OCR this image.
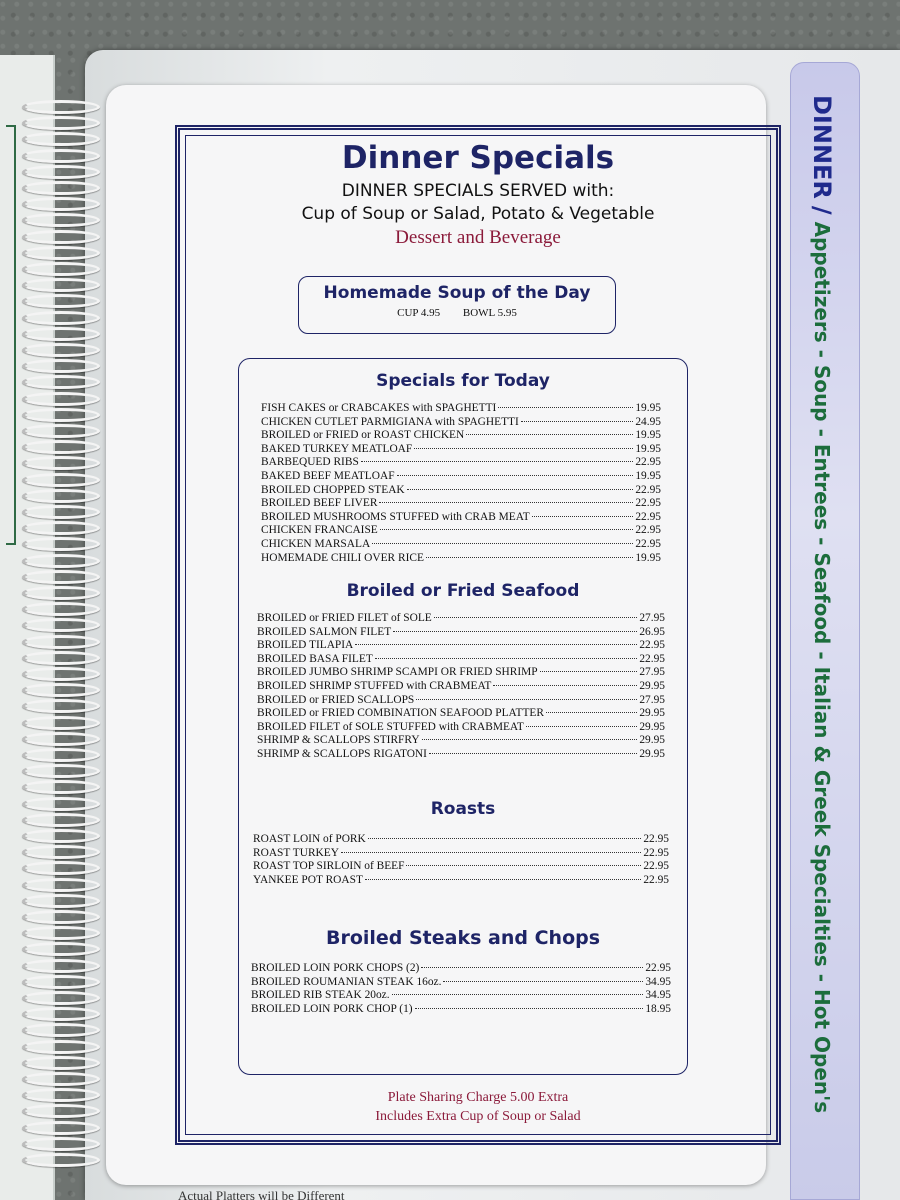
DINNER / Appetizers - Soup - Entrees - Seafood - Italian & Greek Specialties - Hot Open's
Dinner Specials
DINNER SPECIALS SERVED with:
Cup of Soup or Salad, Potato & Vegetable
Dessert and Beverage
Homemade Soup of the Day
CUP 4.95 BOWL 5.95
Specials for Today
FISH CAKES or CRABCAKES with SPAGHETTI	19.95
CHICKEN CUTLET PARMIGIANA with SPAGHETTI	24.95
BROILED or FRIED or ROAST CHICKEN	19.95
BAKED TURKEY MEATLOAF	19.95
BARBEQUED RIBS	22.95
BAKED BEEF MEATLOAF	19.95
BROILED CHOPPED STEAK	22.95
BROILED BEEF LIVER	22.95
BROILED MUSHROOMS STUFFED with CRAB MEAT	22.95
CHICKEN FRANCAISE	22.95
CHICKEN MARSALA	22.95
HOMEMADE CHILI OVER RICE	19.95
Broiled or Fried Seafood
BROILED or FRIED FILET of SOLE	27.95
BROILED SALMON FILET	26.95
BROILED TILAPIA	22.95
BROILED BASA FILET	22.95
BROILED JUMBO SHRIMP SCAMPI OR FRIED SHRIMP	27.95
BROILED SHRIMP STUFFED with CRABMEAT	29.95
BROILED or FRIED SCALLOPS	27.95
BROILED or FRIED COMBINATION SEAFOOD PLATTER	29.95
BROILED FILET of SOLE STUFFED with CRABMEAT	29.95
SHRIMP & SCALLOPS STIRFRY	29.95
SHRIMP & SCALLOPS RIGATONI	29.95
Roasts
ROAST LOIN of PORK	22.95
ROAST TURKEY	22.95
ROAST TOP SIRLOIN of BEEF	22.95
YANKEE POT ROAST	22.95
Broiled Steaks and Chops
BROILED LOIN PORK CHOPS (2)	22.95
BROILED ROUMANIAN STEAK 16oz.	34.95
BROILED RIB STEAK 20oz.	34.95
BROILED LOIN PORK CHOP (1)	18.95
Plate Sharing Charge 5.00 Extra
Includes Extra Cup of Soup or Salad
Actual Platters will be Different
